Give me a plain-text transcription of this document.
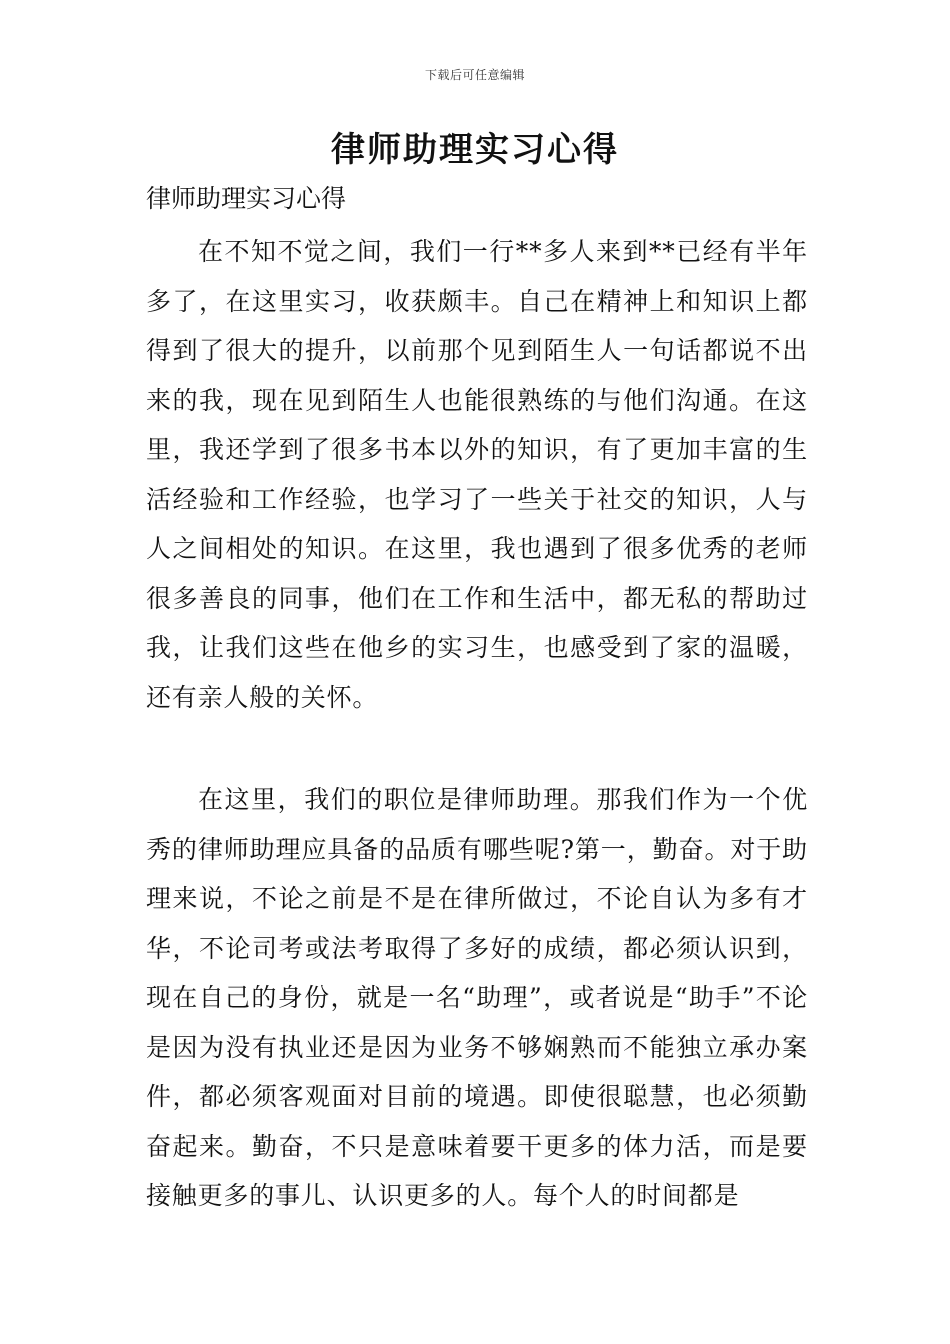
下载后可任意编辑
律师助理实习心得

律师助理实习心得

在不知不觉之间，我们一行**多人来到**已经有半年多了，在这里实习，收获颇丰。自己在精神上和知识上都得到了很大的提升，以前那个见到陌生人一句话都说不出来的我，现在见到陌生人也能很熟练的与他们沟通。在这里，我还学到了很多书本以外的知识，有了更加丰富的生活经验和工作经验，也学习了一些关于社交的知识，人与人之间相处的知识。在这里，我也遇到了很多优秀的老师很多善良的同事，他们在工作和生活中，都无私的帮助过我，让我们这些在他乡的实习生，也感受到了家的温暖，还有亲人般的关怀。

在这里，我们的职位是律师助理。那我们作为一个优秀的律师助理应具备的品质有哪些呢?第一，勤奋。对于助理来说，不论之前是不是在律所做过，不论自认为多有才华，不论司考或法考取得了多好的成绩，都必须认识到，现在自己的身份，就是一名“助理”，或者说是“助手”不论是因为没有执业还是因为业务不够娴熟而不能独立承办案件，都必须客观面对目前的境遇。即使很聪慧，也必须勤奋起来。勤奋，不只是意味着要干更多的体力活，而是要接触更多的事儿、认识更多的人。每个人的时间都是
